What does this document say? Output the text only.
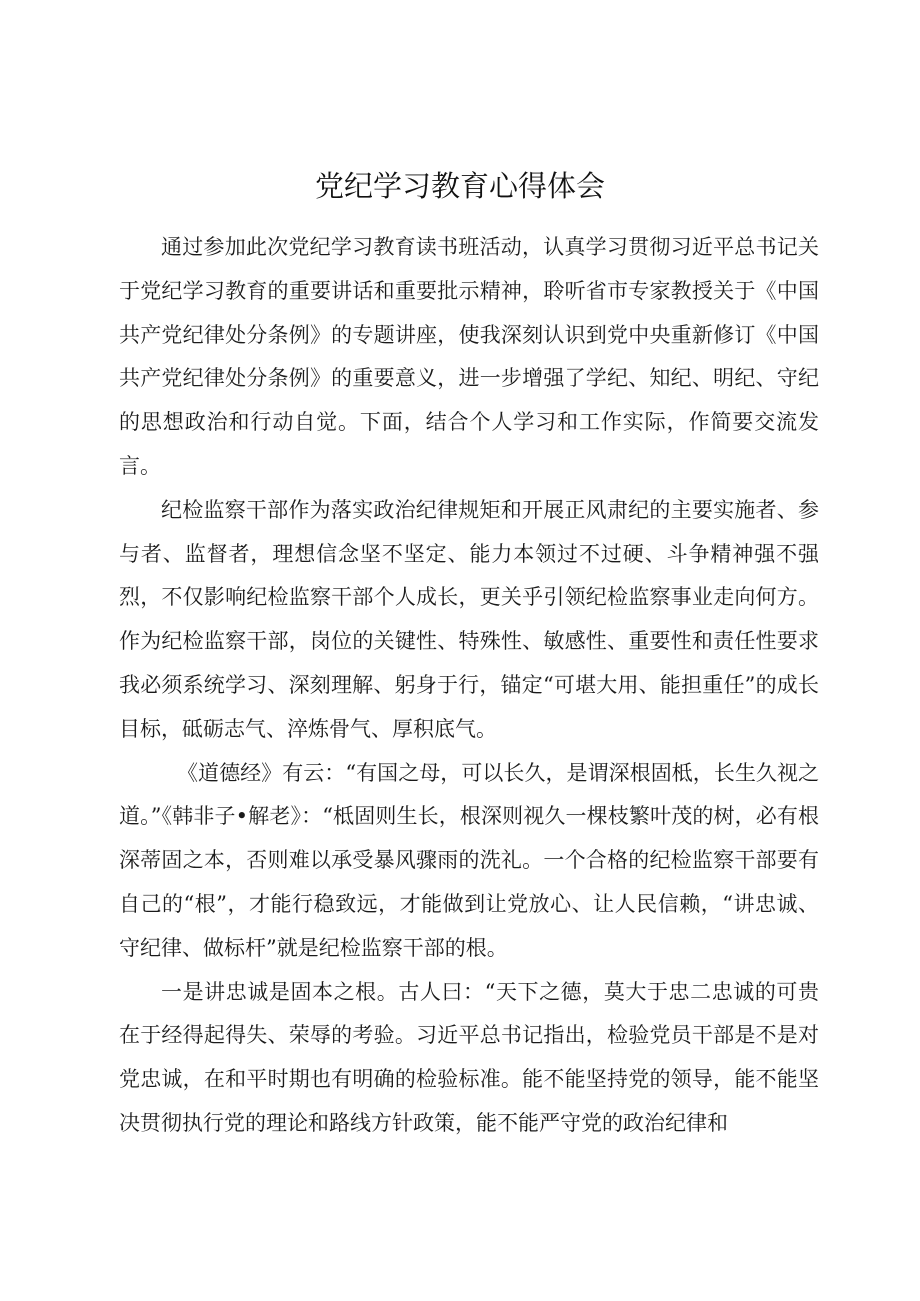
党纪学习教育心得体会

通过参加此次党纪学习教育读书班活动，认真学习贯彻习近平总书记关于党纪学习教育的重要讲话和重要批示精神，聆听省市专家教授关于《中国共产党纪律处分条例》的专题讲座，使我深刻认识到党中央重新修订《中国共产党纪律处分条例》的重要意义，进一步增强了学纪、知纪、明纪、守纪的思想政治和行动自觉。下面，结合个人学习和工作实际，作简要交流发言。

纪检监察干部作为落实政治纪律规矩和开展正风肃纪的主要实施者、参与者、监督者，理想信念坚不坚定、能力本领过不过硬、斗争精神强不强烈，不仅影响纪检监察干部个人成长，更关乎引领纪检监察事业走向何方。作为纪检监察干部，岗位的关键性、特殊性、敏感性、重要性和责任性要求我必须系统学习、深刻理解、躬身于行，锚定“可堪大用、能担重任”的成长目标，砥砺志气、淬炼骨气、厚积底气。

《道德经》有云：“有国之母，可以长久，是谓深根固柢，长生久视之道。”《韩非子•解老》：“柢固则生长，根深则视久一棵枝繁叶茂的树，必有根深蒂固之本，否则难以承受暴风骤雨的洗礼。一个合格的纪检监察干部要有自己的“根”，才能行稳致远，才能做到让党放心、让人民信赖，“讲忠诚、守纪律、做标杆”就是纪检监察干部的根。

一是讲忠诚是固本之根。古人曰：“天下之德，莫大于忠二忠诚的可贵在于经得起得失、荣辱的考验。习近平总书记指出，检验党员干部是不是对党忠诚，在和平时期也有明确的检验标准。能不能坚持党的领导，能不能坚决贯彻执行党的理论和路线方针政策，能不能严守党的政治纪律和
